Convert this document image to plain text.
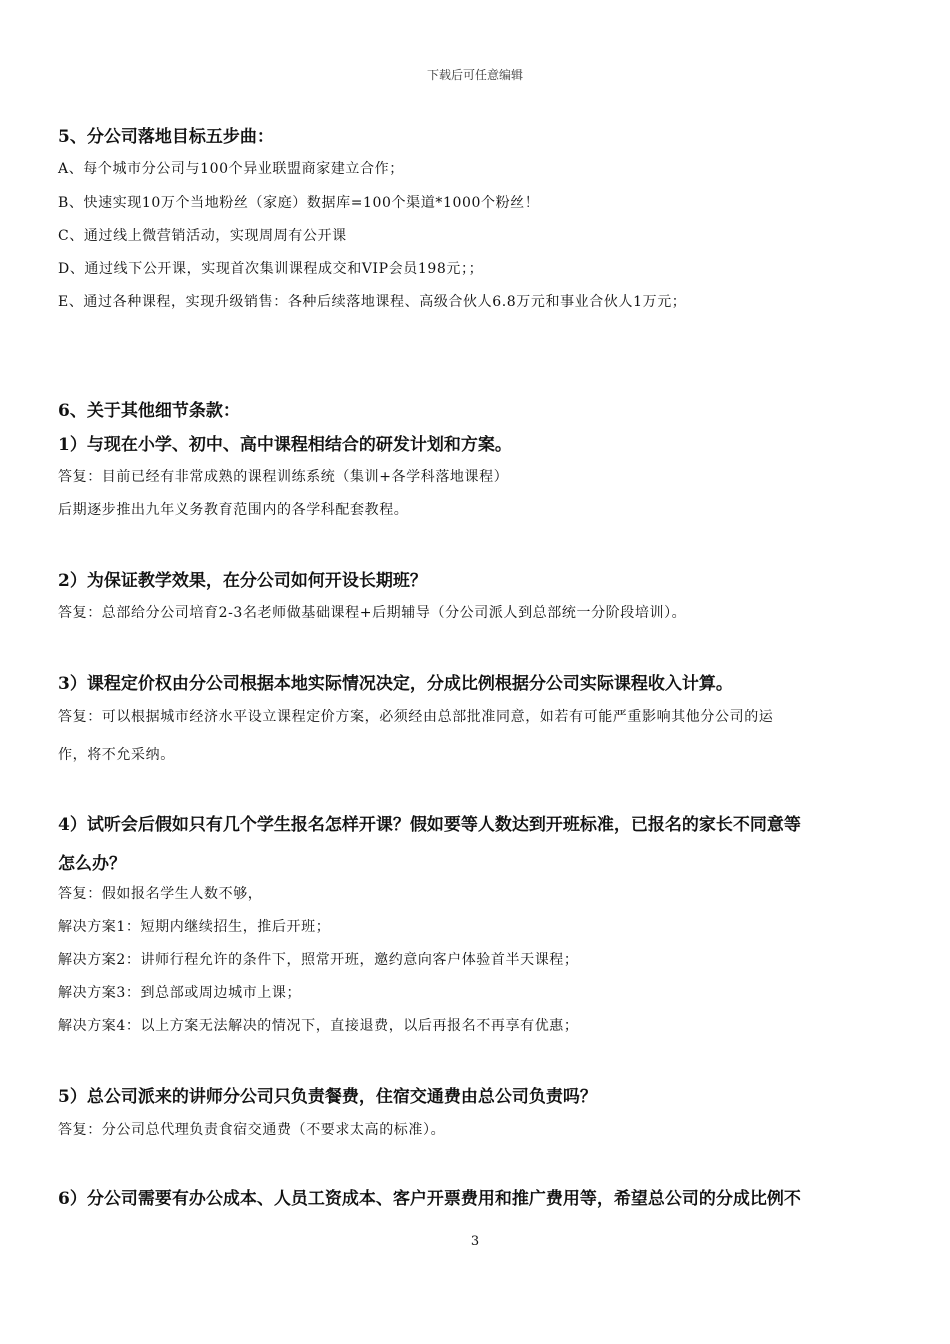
下载后可任意编辑
5、分公司落地目标五步曲：
A、每个城市分公司与100个异业联盟商家建立合作；
B、快速实现10万个当地粉丝（家庭）数据库=100个渠道*1000个粉丝！
C、通过线上微营销活动，实现周周有公开课
D、通过线下公开课，实现首次集训课程成交和VIP会员198元；；
E、通过各种课程，实现升级销售：各种后续落地课程、高级合伙人6.8万元和事业合伙人1万元；
6、关于其他细节条款：
1）与现在小学、初中、高中课程相结合的研发计划和方案。
答复：目前已经有非常成熟的课程训练系统（集训+各学科落地课程）
后期逐步推出九年义务教育范围内的各学科配套教程。
2）为保证教学效果，在分公司如何开设长期班？
答复：总部给分公司培育2-3名老师做基础课程+后期辅导（分公司派人到总部统一分阶段培训）。
3）课程定价权由分公司根据本地实际情况决定，分成比例根据分公司实际课程收入计算。
答复：可以根据城市经济水平设立课程定价方案，必须经由总部批准同意，如若有可能严重影响其他分公司的运
作，将不允采纳。
4）试听会后假如只有几个学生报名怎样开课？假如要等人数达到开班标准，已报名的家长不同意等
怎么办？
答复：假如报名学生人数不够，
解决方案1：短期内继续招生，推后开班；
解决方案2：讲师行程允许的条件下，照常开班，邀约意向客户体验首半天课程；
解决方案3：到总部或周边城市上课；
解决方案4：以上方案无法解决的情况下，直接退费，以后再报名不再享有优惠；
5）总公司派来的讲师分公司只负责餐费，住宿交通费由总公司负责吗？
答复：分公司总代理负责食宿交通费（不要求太高的标准）。
6）分公司需要有办公成本、人员工资成本、客户开票费用和推广费用等，希望总公司的分成比例不
3
